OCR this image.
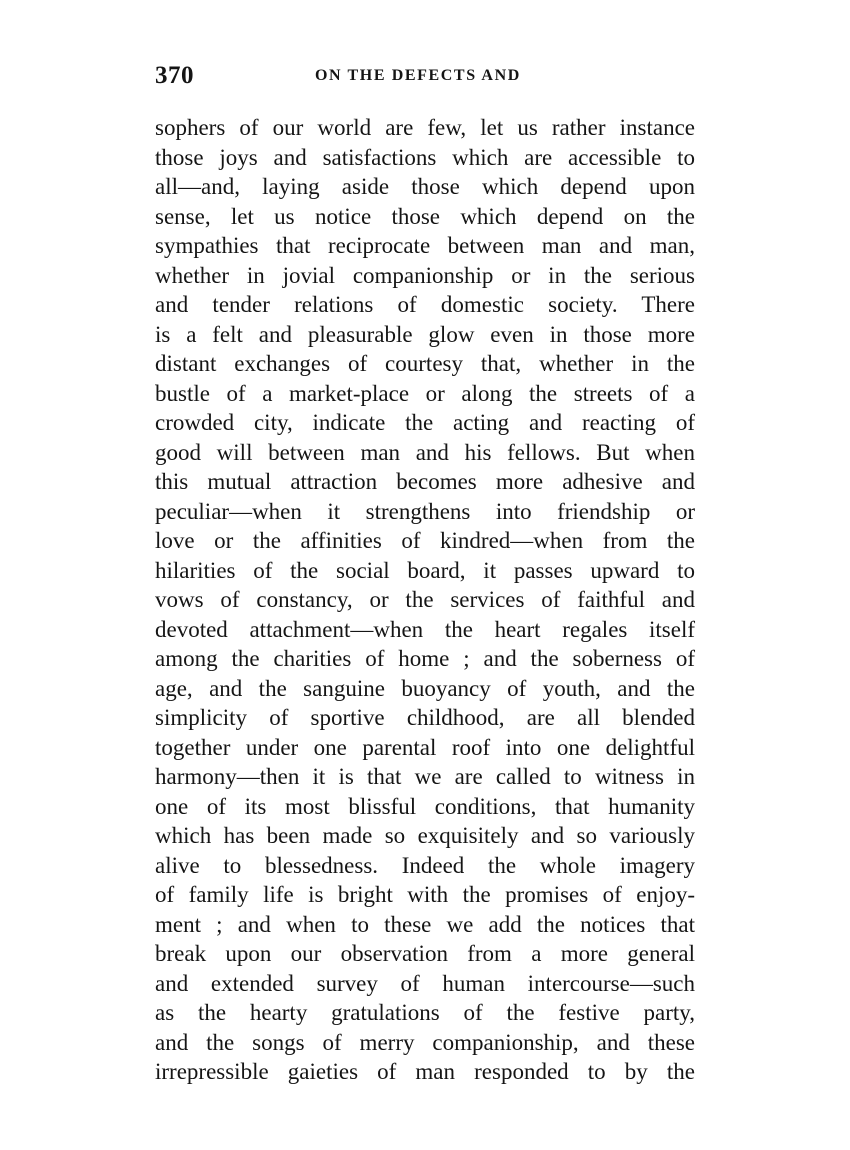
370	ON THE DEFECTS AND
sophers of our world are few, let us rather instance
those joys and satisfactions which are accessible to
all—and, laying aside those which depend upon
sense, let us notice those which depend on the
sympathies that reciprocate between man and man,
whether in jovial companionship or in the serious
and tender relations of domestic society. There
is a felt and pleasurable glow even in those more
distant exchanges of courtesy that, whether in the
bustle of a market-place or along the streets of a
crowded city, indicate the acting and reacting of
good will between man and his fellows. But when
this mutual attraction becomes more adhesive and
peculiar—when it strengthens into friendship or
love or the affinities of kindred—when from the
hilarities of the social board, it passes upward to
vows of constancy, or the services of faithful and
devoted attachment—when the heart regales itself
among the charities of home ; and the soberness of
age, and the sanguine buoyancy of youth, and the
simplicity of sportive childhood, are all blended
together under one parental roof into one delightful
harmony—then it is that we are called to witness in
one of its most blissful conditions, that humanity
which has been made so exquisitely and so variously
alive to blessedness. Indeed the whole imagery
of family life is bright with the promises of enjoy-
ment ; and when to these we add the notices that
break upon our observation from a more general
and extended survey of human intercourse—such
as the hearty gratulations of the festive party,
and the songs of merry companionship, and these
irrepressible gaieties of man responded to by the
